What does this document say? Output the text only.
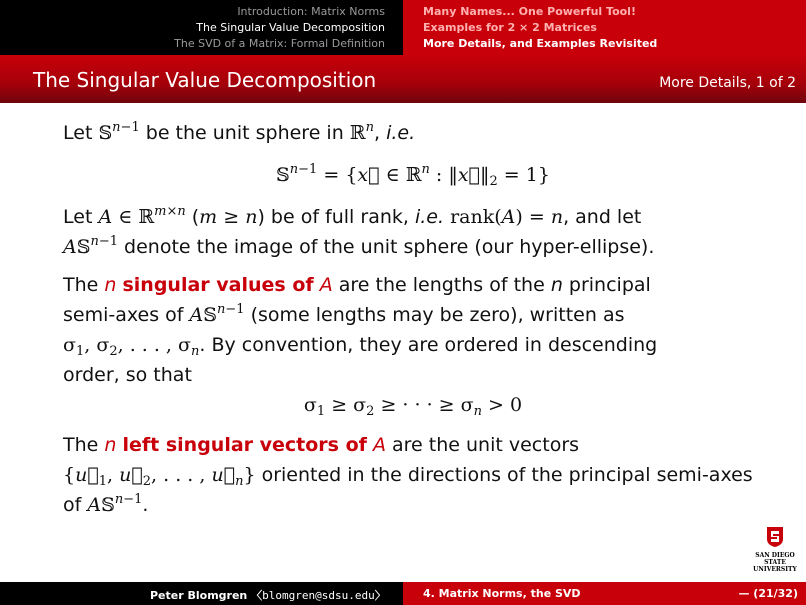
Introduction: Matrix Norms
The Singular Value Decomposition
The SVD of a Matrix: Formal Definition
Many Names... One Powerful Tool!
Examples for 2 × 2 Matrices
More Details, and Examples Revisited
The Singular Value Decomposition	More Details, 1 of 2

Let 𝕊$^{n-1}$ be the unit sphere in ℝ$^n$, i.e.

𝕊$^{n-1}$ = {x⃗ ∈ ℝ$^n$ : $‖x⃗‖_2 = 1$}

Let A ∈ ℝ$^{m\times n}$ (m ≥ n) be of full rank, i.e. rank(A) = n, and let
A𝕊$^{n-1}$ denote the image of the unit sphere (our hyper-ellipse).

The n singular values of A are the lengths of the n principal
semi-axes of A𝕊$^{n-1}$ (some lengths may be zero), written as
$\sigma_1$, $\sigma_2$, . . . , $\sigma_n$. By convention, they are ordered in descending
order, so that

$\sigma_1 \ge \sigma_2$ ≥ · · · ≥ $\sigma_n > 0$

The n left singular vectors of A are the unit vectors
{$u⃗_1$, $u⃗_2$, . . . , $u⃗_n$} oriented in the directions of the principal semi-axes
of A𝕊$^{n-1}$.

SAN DIEGO STATE
UNIVERSITY
Peter Blomgren 〈blomgren@sdsu.edu〉	4. Matrix Norms, the SVD	— (21/32)
